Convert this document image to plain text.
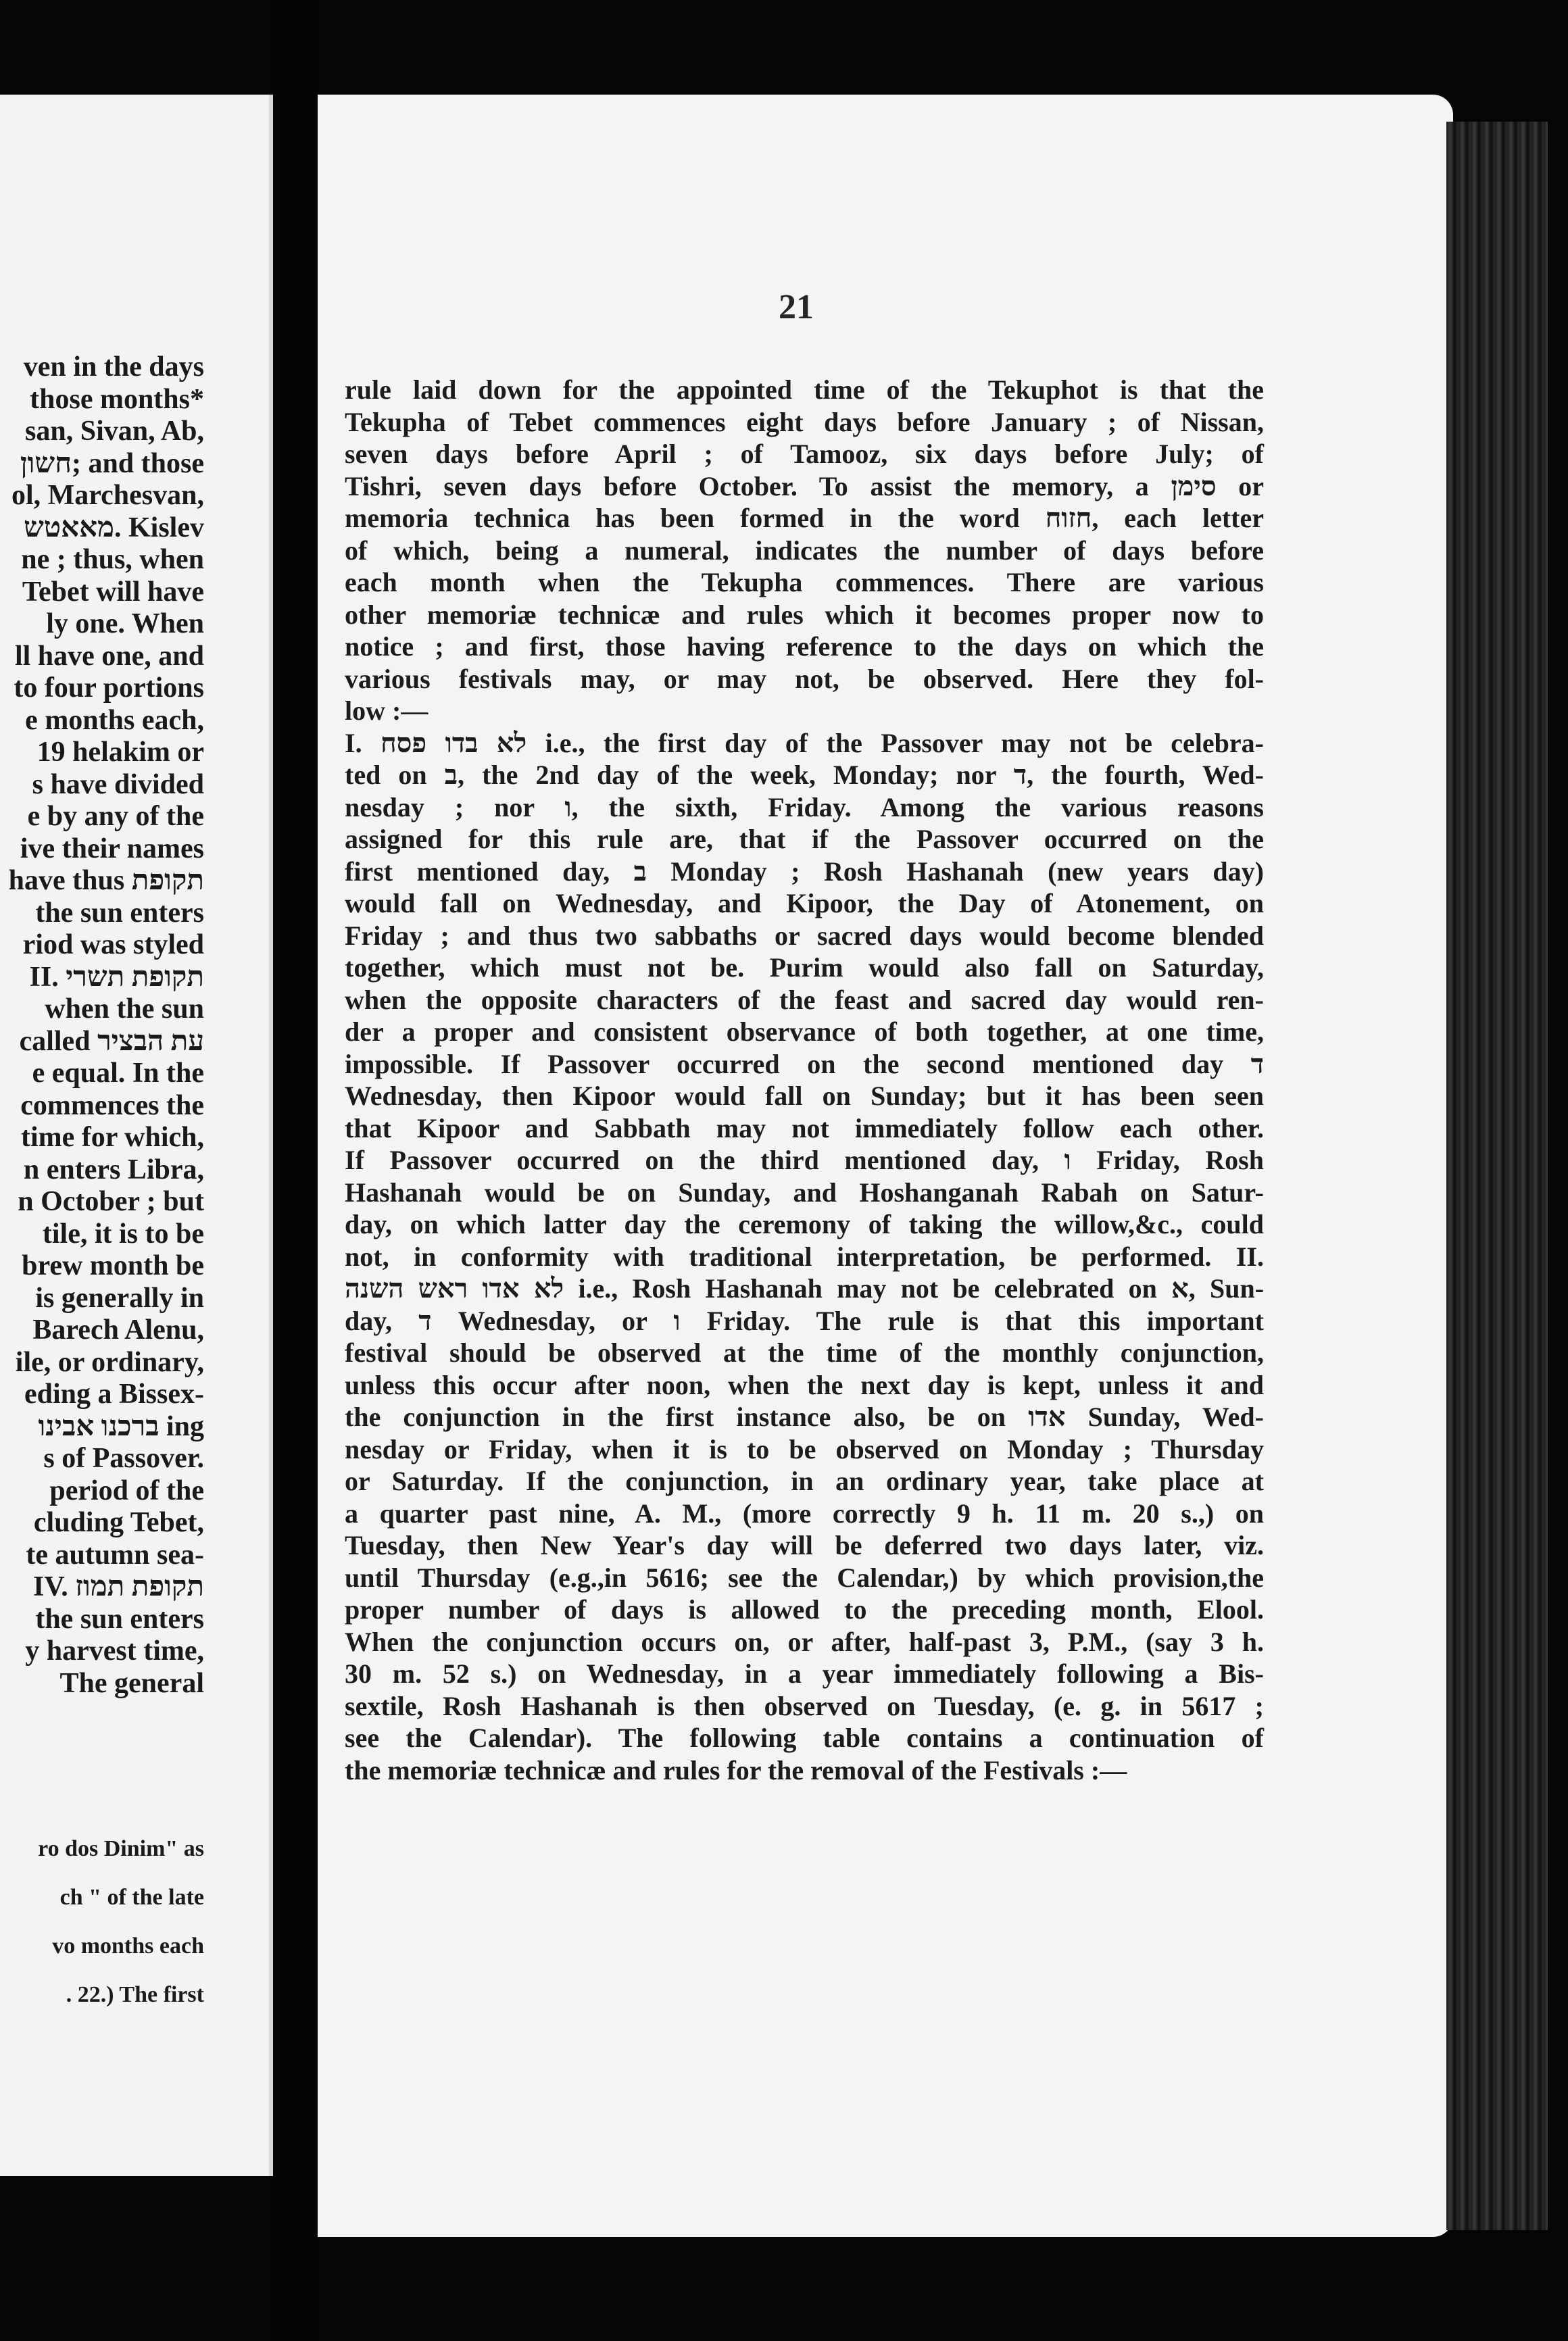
ven in the days
those months*
san, Sivan, Ab,
חשון; and those
ol, Marchesvan,
מאאטש. Kislev
ne ; thus, when
Tebet will have
ly one. When
ll have one, and
to four portions
e months each,
19 helakim or
s have divided
e by any of the
ive their names
have thus תקופת
the sun enters
riod was styled
II. תקופת תשרי
when the sun
called עת הבציר
e equal. In the
commences the
time for which,
n enters Libra,
n October ; but
tile, it is to be
brew month be
is generally in
Barech Alenu,
ile, or ordinary,
eding a Bissex-
ברכנו אבינו ing
s of Passover.
period of the
cluding Tebet,
te autumn sea-
IV. תקופת תמוז
the sun enters
y harvest time,
The general
ro dos Dinim" as
ch " of the late
vo months each
. 22.) The first
21
rule laid down for the appointed time of the Tekuphot is that the
Tekupha of Tebet commences eight days before January ; of Nissan,
seven days before April ; of Tamooz, six days before July; of
Tishri, seven days before October. To assist the memory, a סימן or
memoria technica has been formed in the word חזוח, each letter
of which, being a numeral, indicates the number of days before
each month when the Tekupha commences. There are various
other memoriæ technicæ and rules which it becomes proper now to
notice ; and first, those having reference to the days on which the
various festivals may, or may not, be observed. Here they fol-
low :—
I. לא בדו פסח i.e., the first day of the Passover may not be celebra-
ted on ב, the 2nd day of the week, Monday; nor ד, the fourth, Wed-
nesday ; nor ו, the sixth, Friday. Among the various reasons
assigned for this rule are, that if the Passover occurred on the
first mentioned day, ב Monday ; Rosh Hashanah (new years day)
would fall on Wednesday, and Kipoor, the Day of Atonement, on
Friday ; and thus two sabbaths or sacred days would become blended
together, which must not be. Purim would also fall on Saturday,
when the opposite characters of the feast and sacred day would ren-
der a proper and consistent observance of both together, at one time,
impossible. If Passover occurred on the second mentioned day ד
Wednesday, then Kipoor would fall on Sunday; but it has been seen
that Kipoor and Sabbath may not immediately follow each other.
If Passover occurred on the third mentioned day, ו Friday, Rosh
Hashanah would be on Sunday, and Hoshanganah Rabah on Satur-
day, on which latter day the ceremony of taking the willow,&c., could
not, in conformity with traditional interpretation, be performed. II.
לא אדו ראש השנה i.e., Rosh Hashanah may not be celebrated on א, Sun-
day, ד Wednesday, or ו Friday. The rule is that this important
festival should be observed at the time of the monthly conjunction,
unless this occur after noon, when the next day is kept, unless it and
the conjunction in the first instance also, be on אדו Sunday, Wed-
nesday or Friday, when it is to be observed on Monday ; Thursday
or Saturday. If the conjunction, in an ordinary year, take place at
a quarter past nine, A. M., (more correctly 9 h. 11 m. 20 s.,) on
Tuesday, then New Year's day will be deferred two days later, viz.
until Thursday (e.g.,in 5616; see the Calendar,) by which provision,the
proper number of days is allowed to the preceding month, Elool.
When the conjunction occurs on, or after, half-past 3, P.M., (say 3 h.
30 m. 52 s.) on Wednesday, in a year immediately following a Bis-
sextile, Rosh Hashanah is then observed on Tuesday, (e. g. in 5617 ;
see the Calendar). The following table contains a continuation of
the memoriæ technicæ and rules for the removal of the Festivals :—
